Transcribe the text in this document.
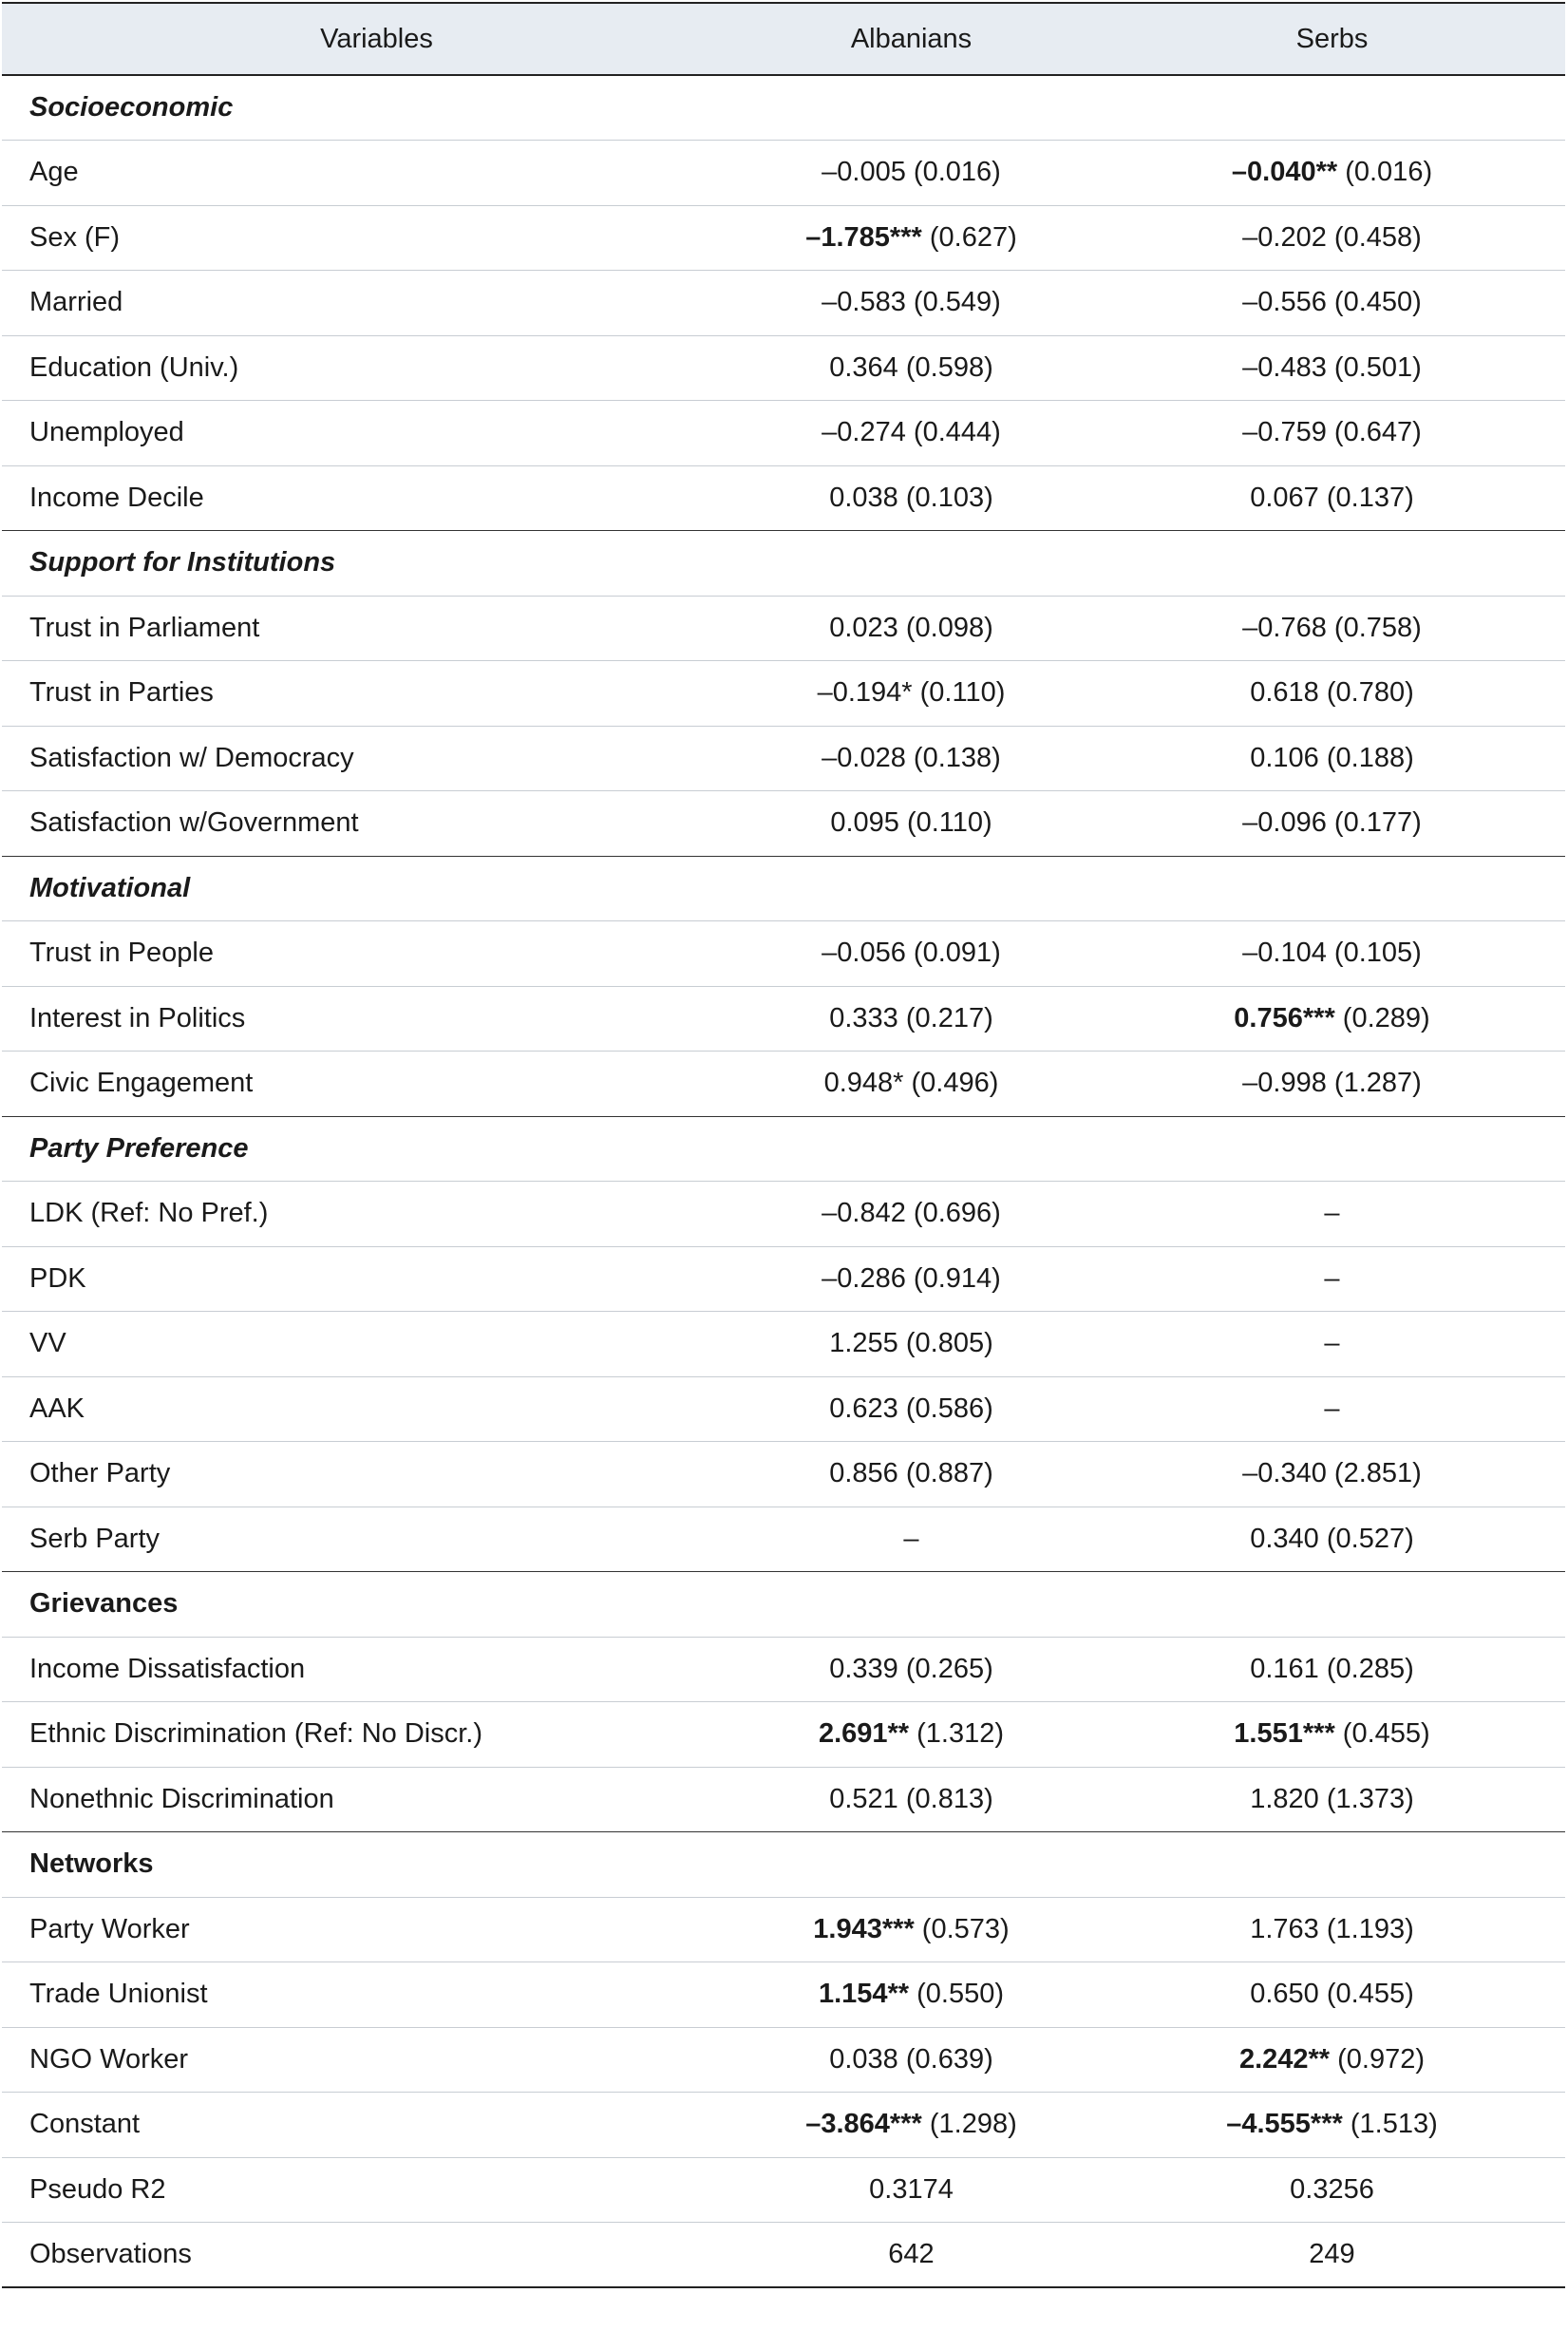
Variables	Albanians	Serbs
Socioeconomic		
Age	–0.005 (0.016)	–0.040** (0.016)
Sex (F)	–1.785*** (0.627)	–0.202 (0.458)
Married	–0.583 (0.549)	–0.556 (0.450)
Education (Univ.)	0.364 (0.598)	–0.483 (0.501)
Unemployed	–0.274 (0.444)	–0.759 (0.647)
Income Decile	0.038 (0.103)	0.067 (0.137)
Support for Institutions		
Trust in Parliament	0.023 (0.098)	–0.768 (0.758)
Trust in Parties	–0.194* (0.110)	0.618 (0.780)
Satisfaction w/ Democracy	–0.028 (0.138)	0.106 (0.188)
Satisfaction w/Government	0.095 (0.110)	–0.096 (0.177)
Motivational		
Trust in People	–0.056 (0.091)	–0.104 (0.105)
Interest in Politics	0.333 (0.217)	0.756*** (0.289)
Civic Engagement	0.948* (0.496)	–0.998 (1.287)
Party Preference		
LDK (Ref: No Pref.)	–0.842 (0.696)	–
PDK	–0.286 (0.914)	–
VV	1.255 (0.805)	–
AAK	0.623 (0.586)	–
Other Party	0.856 (0.887)	–0.340 (2.851)
Serb Party	–	0.340 (0.527)
Grievances		
Income Dissatisfaction	0.339 (0.265)	0.161 (0.285)
Ethnic Discrimination (Ref: No Discr.)	2.691** (1.312)	1.551*** (0.455)
Nonethnic Discrimination	0.521 (0.813)	1.820 (1.373)
Networks		
Party Worker	1.943*** (0.573)	1.763 (1.193)
Trade Unionist	1.154** (0.550)	0.650 (0.455)
NGO Worker	0.038 (0.639)	2.242** (0.972)
Constant	–3.864*** (1.298)	–4.555*** (1.513)
Pseudo R2	0.3174	0.3256
Observations	642	249
